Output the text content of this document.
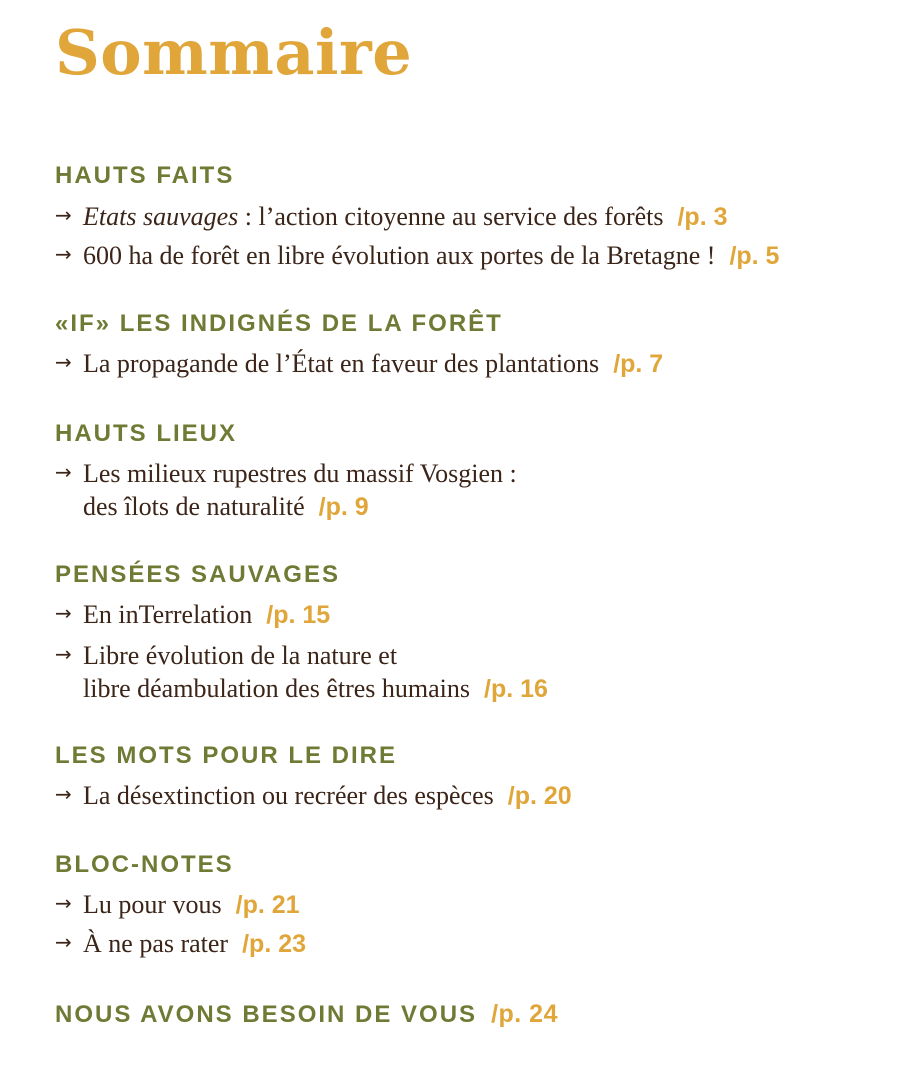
Sommaire
HAUTS FAITS
→ Etats sauvages : l’action citoyenne au service des forêts /p. 3
→ 600 ha de forêt en libre évolution aux portes de la Bretagne ! /p. 5
«IF» LES INDIGNÉS DE LA FORÊT
→ La propagande de l’État en faveur des plantations /p. 7
HAUTS LIEUX
→ Les milieux rupestres du massif Vosgien :
des îlots de naturalité /p. 9
PENSÉES SAUVAGES
→ En inTerrelation /p. 15
→ Libre évolution de la nature et
libre déambulation des êtres humains /p. 16
LES MOTS POUR LE DIRE
→ La désextinction ou recréer des espèces /p. 20
BLOC-NOTES
→ Lu pour vous /p. 21
→ À ne pas rater /p. 23
NOUS AVONS BESOIN DE VOUS /p. 24
